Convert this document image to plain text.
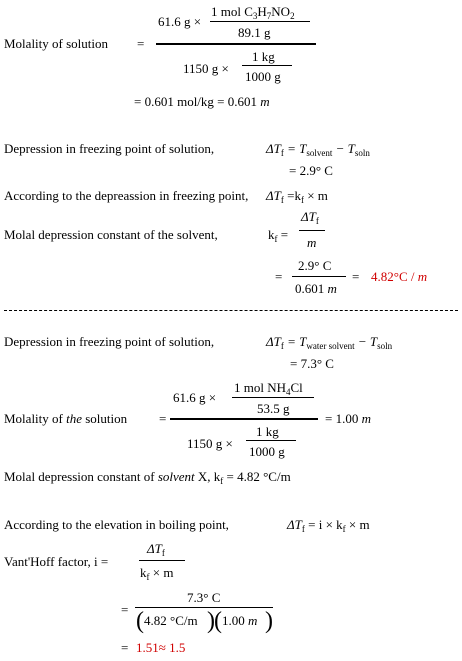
Molality of solution =
61.6 g ×
1 mol $C_3H_7NO_2$
89.1 g
1150 g ×
1 kg
1000 g
= 0.601 mol/kg = 0.601 m
Depression in freezing point of solution,	$\Delta T_f = T_{solvent} - T_{soln}$
= 2.9° C
According to the depreassion in freezing point, $\Delta T_f =k_f \times m$
Molal depression constant of the solvent,	$k_f$ =
$\Delta T_f$
m
=
2.9° C
0.601 m
= 4.82°C / m
Depression in freezing point of solution,	$\Delta T_f = T_{water solvent} - T_{soln}$
= 7.3° C
Molality of the solution =
61.6 g ×
1 mol $NH_4Cl$
53.5 g
1150 g ×
1 kg
1000 g
= 1.00 m
Molal depression constant of solvent X, $k_f = 4.82$ °C/m
According to the elevation in boiling point,	$\Delta T_f = i \times k_f \times m$
Vant'Hoff factor, i =
$\Delta T_f$
$k_f \times m$
=
7.3° C
( 4.82 °C/m ) ( 1.00 m )
= 1.51≈ 1.5
